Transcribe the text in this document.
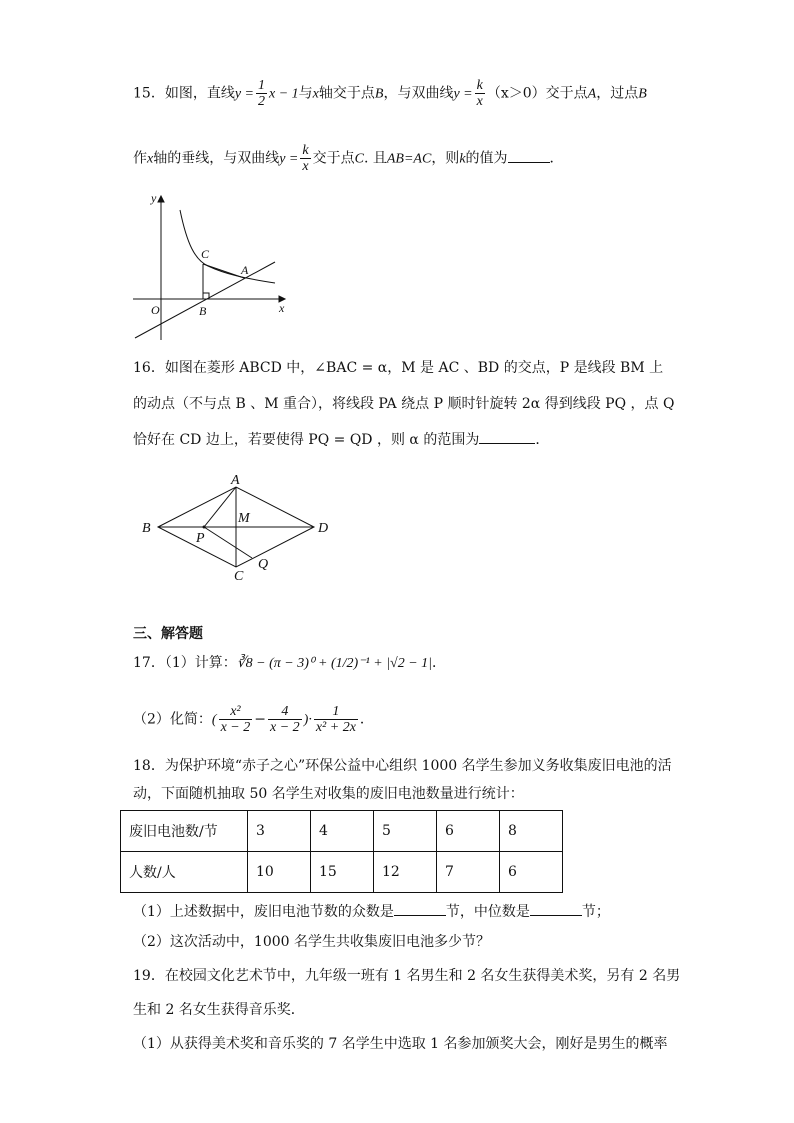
15．如图，直线$y = \frac{1}{2}$ x − 1与x轴交于点B，与双曲线$y = \frac{k}{x} (x>0)$交于点A，过点B
作x轴的垂线，与双曲线$y = \frac{k}{x}$ 交于点C. 且AB=AC，则k的值为	．
y
x
O	B
C
A
16．如图在菱形 ABCD 中，∠BAC = α，M 是 AC 、BD 的交点，P 是线段 BM 上
的动点（不与点 B 、M 重合），将线段 PA 绕点 P 顺时针旋转 2α 得到线段 PQ ，点 Q
恰好在 CD 边上，若要使得 PQ = QD ，则 α 的范围为	．
A
B	D
C
M
P
Q
三、解答题
17．（1）计算：∛8 − (π − 3)⁰ + (1/2)⁻¹ + |√2 − 1|．
（2）化简：( $\frac{\text{x²}}{x - 2} - \frac{4}{x - 2}$ )· $\frac{1}{\text{x² + 2x}}$ ．
18．为保护环境“赤子之心”环保公益中心组织 1000 名学生参加义务收集废旧电池的活
动，下面随机抽取 50 名学生对收集的废旧电池数量进行统计：
废旧电池数/节	3	4	5	6	8
人数/人	10	15	12	7	6
（1）上述数据中，废旧电池节数的众数是	节，中位数是	节；
（2）这次活动中，1000 名学生共收集废旧电池多少节？
19．在校园文化艺术节中，九年级一班有 1 名男生和 2 名女生获得美术奖，另有 2 名男
生和 2 名女生获得音乐奖．
（1）从获得美术奖和音乐奖的 7 名学生中选取 1 名参加颁奖大会，刚好是男生的概率
